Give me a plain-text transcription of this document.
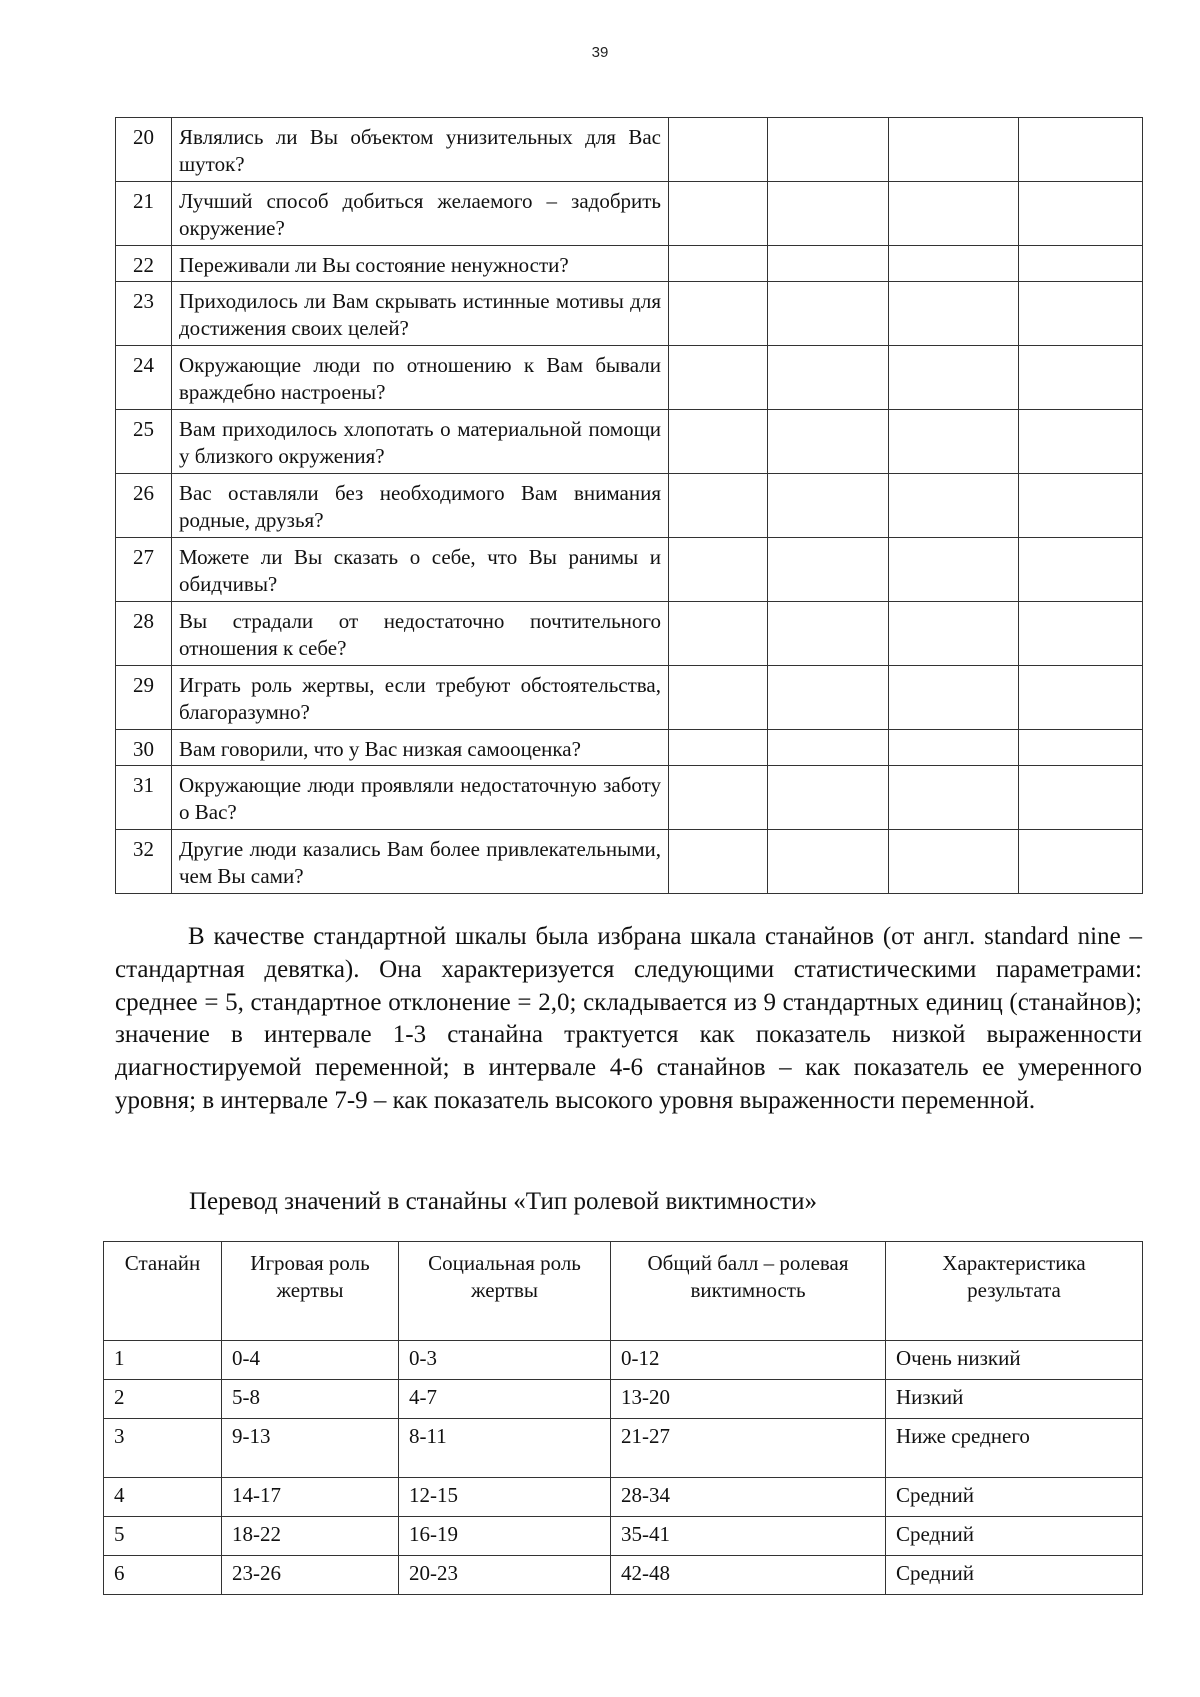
39
20	Являлись ли Вы объектом унизительных для Вас шуток?				
21	Лучший способ добиться желаемого – задобрить окружение?				
22	Переживали ли Вы состояние ненужности?				
23	Приходилось ли Вам скрывать истинные мотивы для достижения своих целей?				
24	Окружающие люди по отношению к Вам бывали враждебно настроены?				
25	Вам приходилось хлопотать о материальной помощи у близкого окружения?				
26	Вас оставляли без необходимого Вам внимания родные, друзья?				
27	Можете ли Вы сказать о себе, что Вы ранимы и обидчивы?				
28	Вы страдали от недостаточно почтительного отношения к себе?				
29	Играть роль жертвы, если требуют обстоятельства, благоразумно?				
30	Вам говорили, что у Вас низкая самооценка?				
31	Окружающие люди проявляли недостаточную заботу о Вас?				
32	Другие люди казались Вам более привлекательными, чем Вы сами?				

В качестве стандартной шкалы была избрана шкала станайнов (от англ. standard nine – стандартная девятка). Она характеризуется следующими статистическими параметрами: среднее = 5, стандартное отклонение = 2,0; складывается из 9 стандартных единиц (станайнов); значение в интервале 1-3 станайна трактуется как показатель низкой выраженности диагностируемой переменной; в интервале 4-6 станайнов – как показатель ее умеренного уровня; в интервале 7-9 – как показатель высокого уровня выраженности переменной.

Перевод значений в станайны «Тип ролевой виктимности»

Станайн	Игровая роль жертвы	Социальная роль жертвы	Общий балл – ролевая виктимность	Характеристика результата
1	0-4	0-3	0-12	Очень низкий
2	5-8	4-7	13-20	Низкий
3	9-13	8-11	21-27	Ниже среднего
4	14-17	12-15	28-34	Средний
5	18-22	16-19	35-41	Средний
6	23-26	20-23	42-48	Средний
